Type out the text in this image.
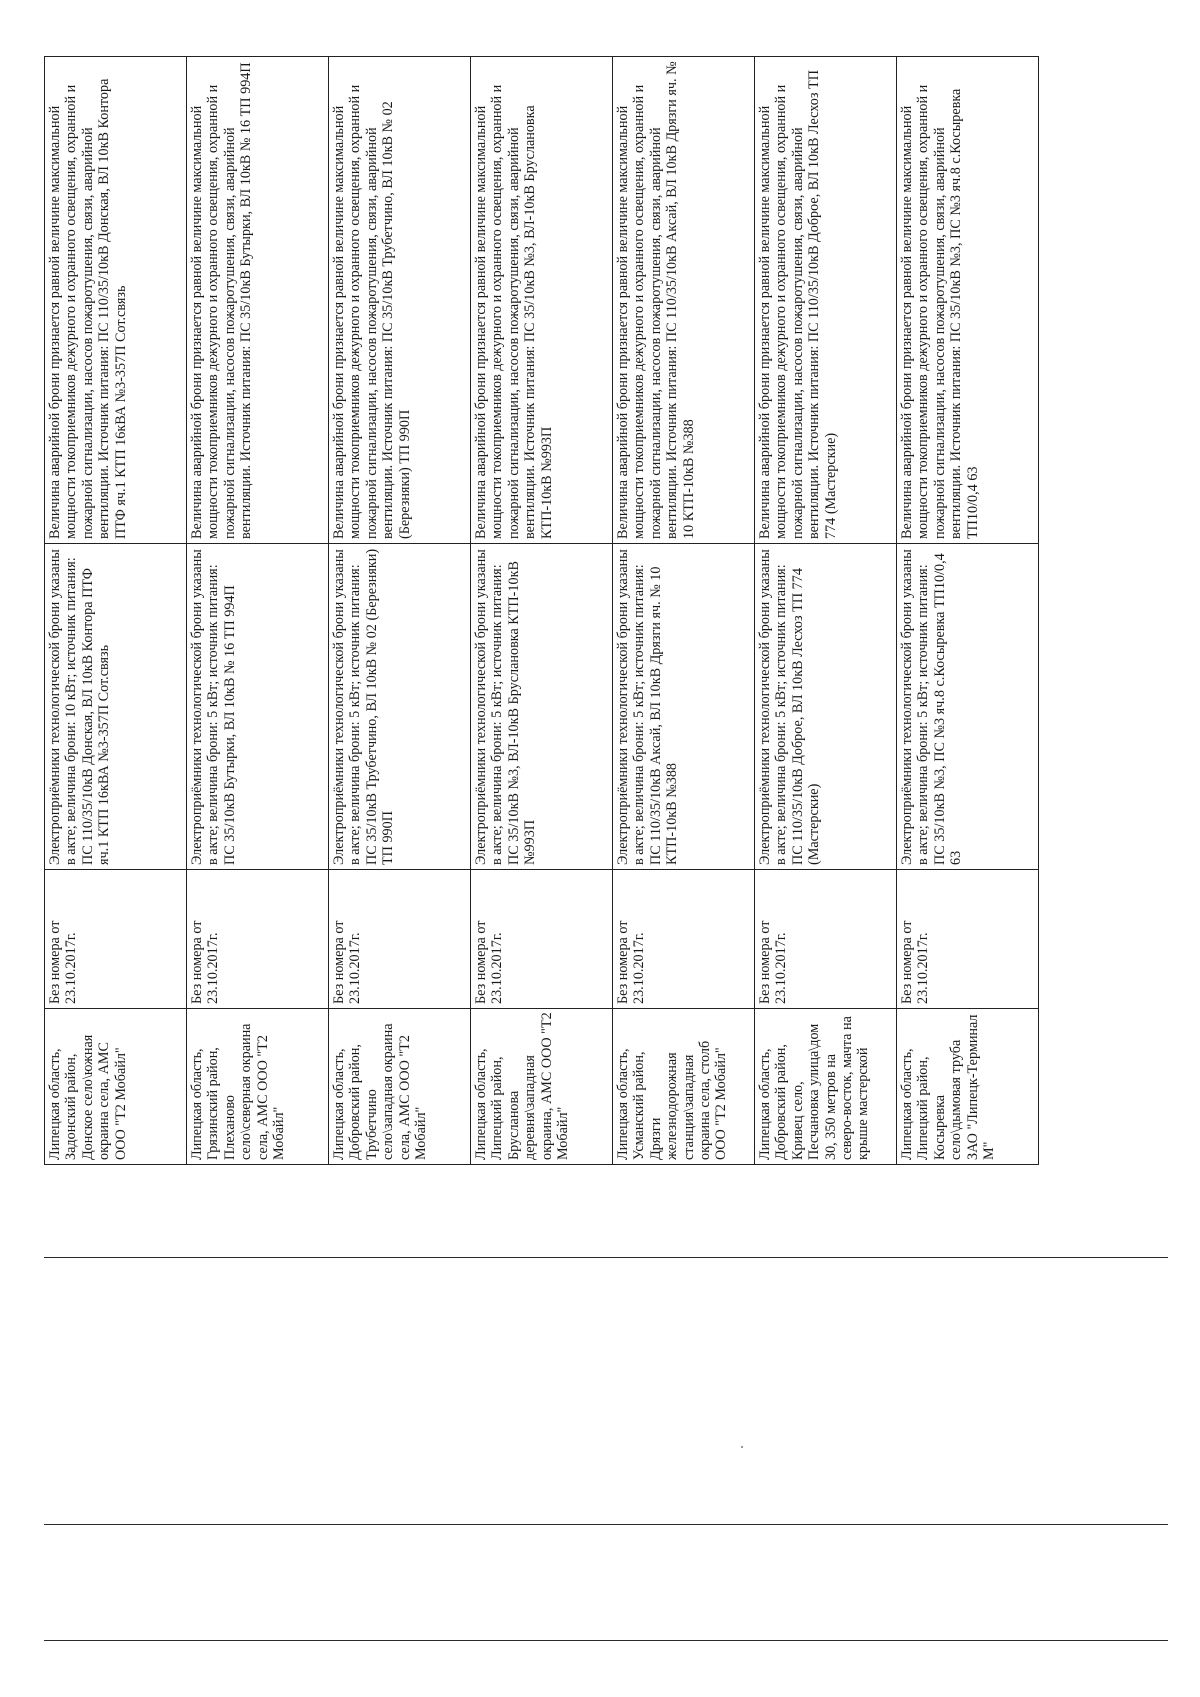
Липецкая область, Задонский район, Донское село\южная окраина села, АМС ООО "Т2 Мобайл"	Без номера от 23.10.2017г.	Электроприёмники технологической брони указаны в акте; величина брони: 10 кВт; источник питания: ПС 110/35/10кВ Донская, ВЛ 10кВ Контора ПТФ яч.1 КТП 16кВА №3-357П Сот.связь	Величина аварийной брони признается равной величине максимальной мощности токоприемников дежурного и охранного освещения, охранной и пожарной сигнализации, насосов пожаротушения, связи, аварийной вентиляции. Источник питания: ПС 110/35/10кВ Донская, ВЛ 10кВ Контора ПТФ яч.1 КТП 16кВА №3-357П Сот.связь
Липецкая область, Грязинский район, Плеханово село\северная окраина села, АМС ООО "Т2 Мобайл"	Без номера от 23.10.2017г.	Электроприёмники технологической брони указаны в акте; величина брони: 5 кВт; источник питания: ПС 35/10кВ Бутырки, ВЛ 10кВ № 16 ТП 994П	Величина аварийной брони признается равной величине максимальной мощности токоприемников дежурного и охранного освещения, охранной и пожарной сигнализации, насосов пожаротушения, связи, аварийной вентиляции. Источник питания: ПС 35/10кВ Бутырки, ВЛ 10кВ № 16 ТП 994П
Липецкая область, Добровский район, Трубетчино село\западная окраина села, АМС ООО "Т2 Мобайл"	Без номера от 23.10.2017г.	Электроприёмники технологической брони указаны в акте; величина брони: 5 кВт; источник питания: ПС 35/10кВ Трубетчино, ВЛ 10кВ № 02 (Березняки) ТП 990П	Величина аварийной брони признается равной величине максимальной мощности токоприемников дежурного и охранного освещения, охранной и пожарной сигнализации, насосов пожаротушения, связи, аварийной вентиляции. Источник питания: ПС 35/10кВ Трубетчино, ВЛ 10кВ № 02 (Березняки) ТП 990П
Липецкая область, Липецкий район, Брусланова деревня\западная окраина, АМС ООО "Т2 Мобайл"	Без номера от 23.10.2017г.	Электроприёмники технологической брони указаны в акте; величина брони: 5 кВт; источник питания: ПС 35/10кВ №3, ВЛ-10кВ Бруслановка КТП-10кВ №993П	Величина аварийной брони признается равной величине максимальной мощности токоприемников дежурного и охранного освещения, охранной и пожарной сигнализации, насосов пожаротушения, связи, аварийной вентиляции. Источник питания: ПС 35/10кВ №3, ВЛ-10кВ Бруслановка КТП-10кВ №993П
Липецкая область, Усманский район, Дрязги железнодорожная станция\западная окраина села, столб ООО "Т2 Мобайл"	Без номера от 23.10.2017г.	Электроприёмники технологической брони указаны в акте; величина брони: 5 кВт; источник питания: ПС 110/35/10кВ Аксай, ВЛ 10кВ Дрязги яч. № 10 КТП-10кВ №388	Величина аварийной брони признается равной величине максимальной мощности токоприемников дежурного и охранного освещения, охранной и пожарной сигнализации, насосов пожаротушения, связи, аварийной вентиляции. Источник питания: ПС 110/35/10кВ Аксай, ВЛ 10кВ Дрязги яч. № 10 КТП-10кВ №388
Липецкая область, Добровский район, Кривец село, Песчановка улица\дом 30, 350 метров на северо-восток, мачта на крыше мастерской	Без номера от 23.10.2017г.	Электроприёмники технологической брони указаны в акте; величина брони: 5 кВт; источник питания: ПС 110/35/10кВ Доброе, ВЛ 10кВ Лесхоз ТП 774 (Мастерские)	Величина аварийной брони признается равной величине максимальной мощности токоприемников дежурного и охранного освещения, охранной и пожарной сигнализации, насосов пожаротушения, связи, аварийной вентиляции. Источник питания: ПС 110/35/10кВ Доброе, ВЛ 10кВ Лесхоз ТП 774 (Мастерские)
Липецкая область, Липецкий район, Косыревка село\дымовая труба ЗАО "Липецк-Терминал М"	Без номера от 23.10.2017г.	Электроприёмники технологической брони указаны в акте; величина брони: 5 кВт; источник питания: ПС 35/10кВ №3, ПС №3 яч.8 с.Косыревка ТП10/0,4 63	Величина аварийной брони признается равной величине максимальной мощности токоприемников дежурного и охранного освещения, охранной и пожарной сигнализации, насосов пожаротушения, связи, аварийной вентиляции. Источник питания: ПС 35/10кВ №3, ПС №3 яч.8 с.Косыревка ТП10/0,4 63
